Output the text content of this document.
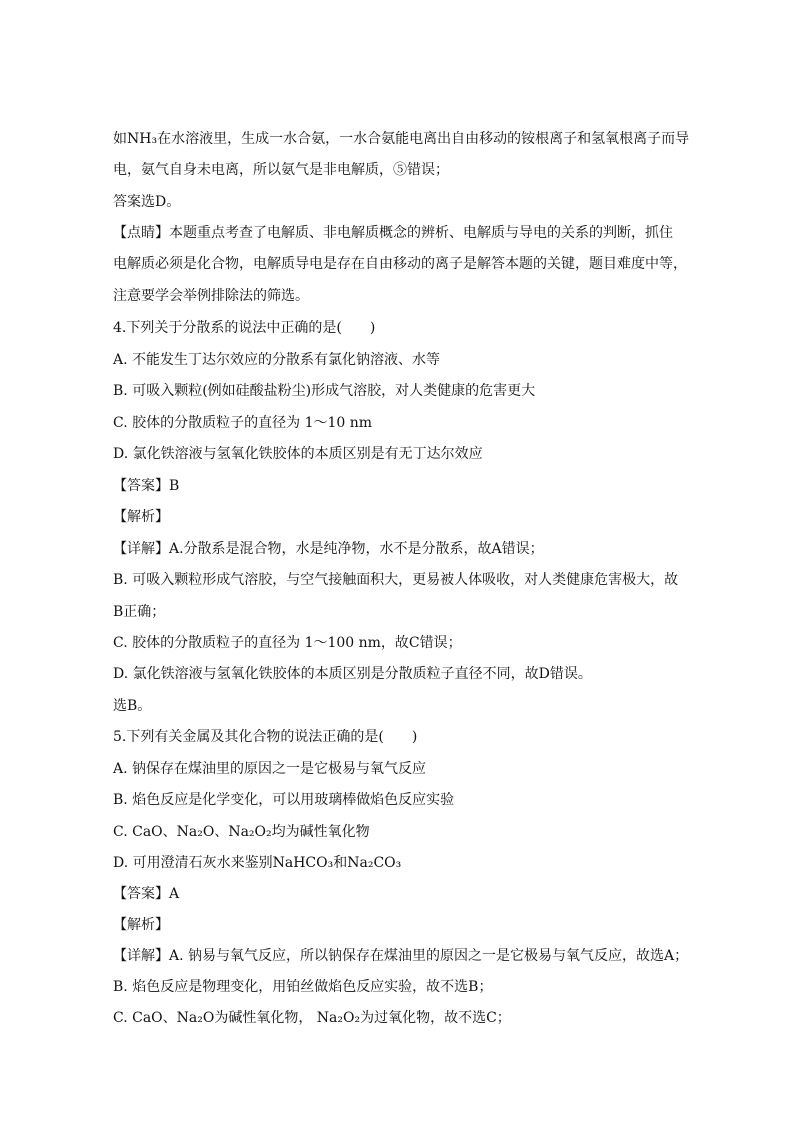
如NH₃在水溶液里，生成一水合氨，一水合氨能电离出自由移动的铵根离子和氢氧根离子而导
电，氨气自身未电离，所以氨气是非电解质，⑤错误；
答案选D。
【点睛】本题重点考查了电解质、非电解质概念的辨析、电解质与导电的关系的判断，抓住
电解质必须是化合物，电解质导电是存在自由移动的离子是解答本题的关键，题目难度中等，
注意要学会举例排除法的筛选。
4.下列关于分散系的说法中正确的是(　　)
A. 不能发生丁达尔效应的分散系有氯化钠溶液、水等
B. 可吸入颗粒(例如硅酸盐粉尘)形成气溶胶，对人类健康的危害更大
C. 胶体的分散质粒子的直径为 1～10 nm
D. 氯化铁溶液与氢氧化铁胶体的本质区别是有无丁达尔效应
【答案】B
【解析】
【详解】A.分散系是混合物，水是纯净物，水不是分散系，故A错误；
B. 可吸入颗粒形成气溶胶，与空气接触面积大，更易被人体吸收，对人类健康危害极大，故
B正确；
C. 胶体的分散质粒子的直径为 1～100 nm，故C错误；
D. 氯化铁溶液与氢氧化铁胶体的本质区别是分散质粒子直径不同，故D错误。
选B。
5.下列有关金属及其化合物的说法正确的是(　　)
A. 钠保存在煤油里的原因之一是它极易与氧气反应
B. 焰色反应是化学变化，可以用玻璃棒做焰色反应实验
C. CaO、Na₂O、Na₂O₂均为碱性氧化物
D. 可用澄清石灰水来鉴别NaHCO₃和Na₂CO₃
【答案】A
【解析】
【详解】A. 钠易与氧气反应，所以钠保存在煤油里的原因之一是它极易与氧气反应，故选A；
B. 焰色反应是物理变化，用铂丝做焰色反应实验，故不选B；
C. CaO、Na₂O为碱性氧化物， Na₂O₂为过氧化物，故不选C；
